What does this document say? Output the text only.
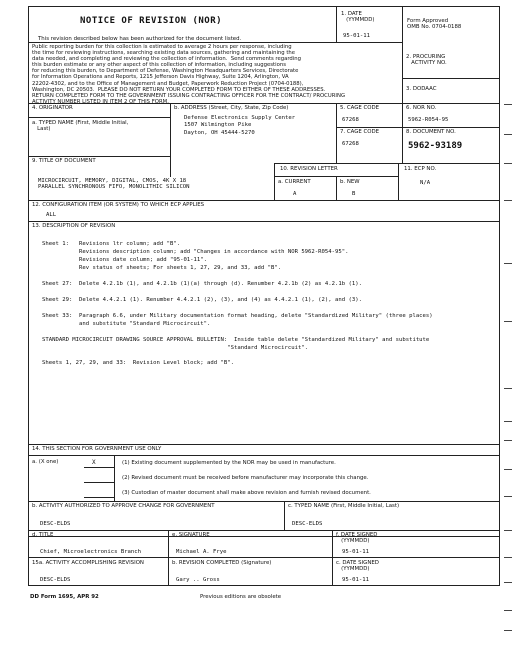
NOTICE OF REVISION (NOR)
This revision described below has been authorized for the document listed.
1. DATE
(YYMMDD)
95-01-11
Form Approved
OMB No. 0704-0188
Public reporting burden for this collection is estimated to average 2 hours per response, including
the time for reviewing instructions, searching existing data sources, gathering and maintaining the
data needed, and completing and reviewing the collection of information.  Send comments regarding
this burden estimate or any other aspect of this collection of information, including suggestions
for reducing this burden, to Department of Defense, Washington Headquarters Services, Directorate
for Information Operations and Reports, 1215 Jefferson Davis Highway, Suite 1204, Arlington, VA
22202-4302, and to the Office of Management and Budget, Paperwork Reduction Project (0704-0188),
Washington, DC 20503.  PLEASE DO NOT RETURN YOUR COMPLETED FORM TO EITHER OF THESE ADDRESSES.
RETURN COMPLETED FORM TO THE GOVERNMENT ISSUING CONTRACTING OFFICER FOR THE CONTRACT/ PROCURING
ACTIVITY NUMBER LISTED IN ITEM 2 OF THIS FORM.
2. PROCURING
ACTIVITY NO.
3. DODAAC
4. ORIGINATOR
a. TYPED NAME (First, Middle Initial,
Last)
b. ADDRESS (Street, City, State, Zip Code)
Defense Electronics Supply Center
1507 Wilmington Pike
Dayton, OH 45444-5270
5. CAGE CODE
67268
6. NOR NO.
5962-R054-95
7. CAGE CODE
67268
8. DOCUMENT NO.
5962-93189
9. TITLE OF DOCUMENT
MICROCIRCUIT, MEMORY, DIGITAL, CMOS, 4K X 18
PARALLEL SYNCHRONOUS FIFO, MONOLITHIC SILICON
10. REVISION LETTER
a. CURRENT
A
b. NEW
B
11. ECP NO.
N/A
12. CONFIGURATION ITEM (OR SYSTEM) TO WHICH ECP APPLIES
ALL
13. DESCRIPTION OF REVISION
Sheet 1:   Revisions ltr column; add "B".
Revisions description column; add "Changes in accordance with NOR 5962-R054-95".
Revisions date column; add "95-01-11".
Rev status of sheets; For sheets 1, 27, 29, and 33, add "B".
Sheet 27:  Delete 4.2.1b (1), and 4.2.1b (1)(a) through (d). Renumber 4.2.1b (2) as 4.2.1b (1).
Sheet 29:  Delete 4.4.2.1 (1). Renumber 4.4.2.1 (2), (3), and (4) as 4.4.2.1 (1), (2), and (3).
Sheet 33:  Paragraph 6.6, under Military documentation format heading, delete "Standardized Military" (three places)
and substitute "Standard Microcircuit".
STANDARD MICROCIRCUIT DRAWING SOURCE APPROVAL BULLETIN:  Inside table delete "Standardized Military" and substitute
"Standard Microcircuit".
Sheets 1, 27, 29, and 33:  Revision Level block; add "B".
14. THIS SECTION FOR GOVERNMENT USE ONLY
a. (X one)	X	(1) Existing document supplemented by the NOR may be used in manufacture.
(2) Revised document must be received before manufacturer may incorporate this change.
(3) Custodian of master document shall make above revision and furnish revised document.
b. ACTIVITY AUTHORIZED TO APPROVE CHANGE FOR GOVERNMENT
DESC-ELDS
c. TYPED NAME (First, Middle Initial, Last)
DESC-ELDS
d. TITLE
Chief, Microelectronics Branch
e. SIGNATURE
Michael A. Frye
f. DATE SIGNED
(YYMMDD)
95-01-11
15a. ACTIVITY ACCOMPLISHING REVISION
DESC-ELDS
b. REVISION COMPLETED (Signature)
Gary .. Gross
c. DATE SIGNED
(YYMMDD)
95-01-11
DD Form 1695, APR 92	Previous editions are obsolete
